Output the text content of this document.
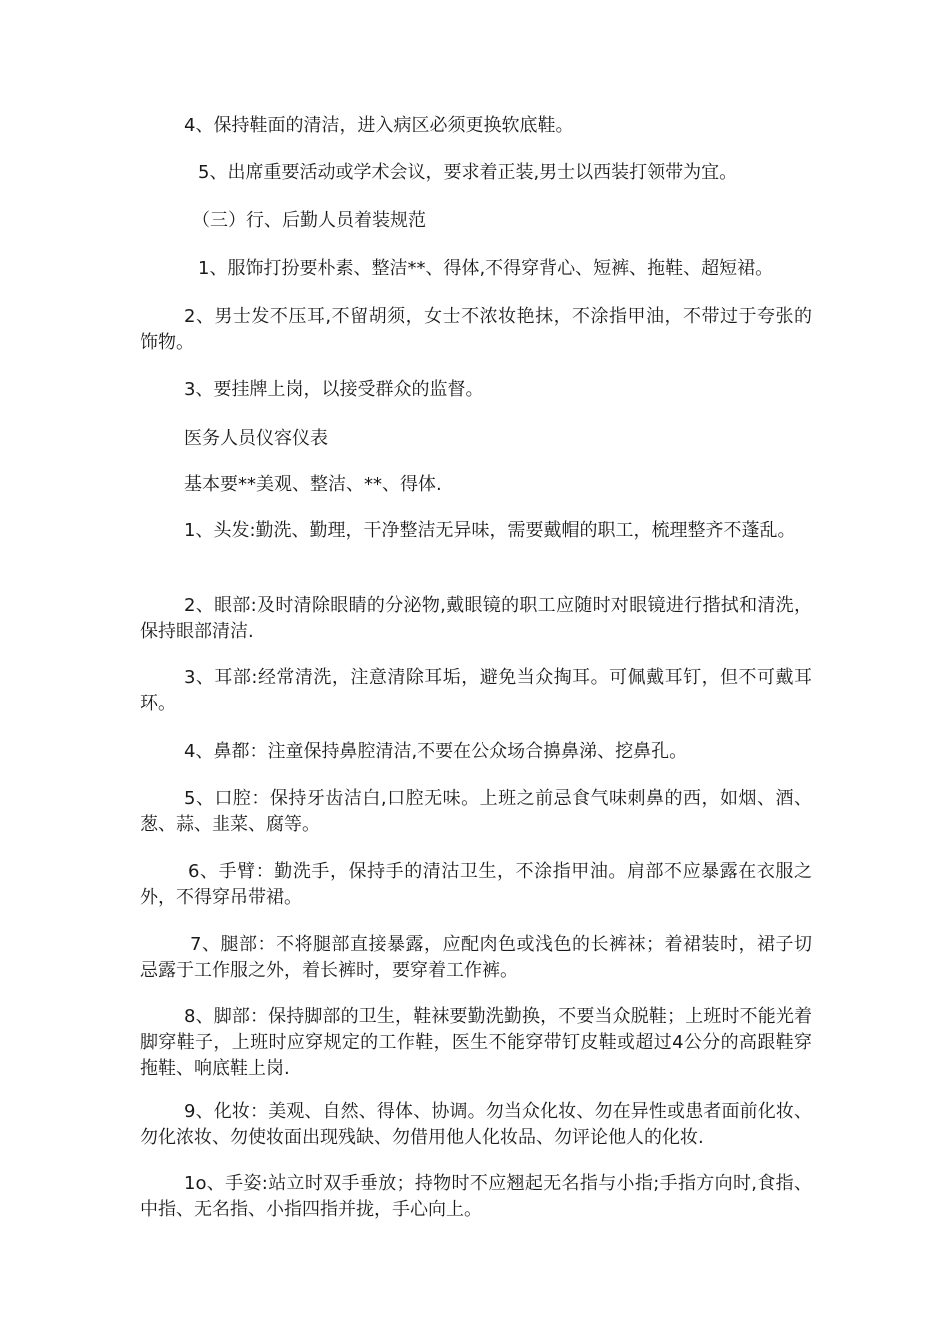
4、保持鞋面的清洁，进入病区必须更换软底鞋。

5、出席重要活动或学术会议，要求着正装,男士以西装打领带为宜。

（三）行、后勤人员着装规范

1、服饰打扮要朴素、整洁**、得体,不得穿背心、短裤、拖鞋、超短裙。

2、男士发不压耳,不留胡须，女士不浓妆艳抹，不涂指甲油，不带过于夸张的饰物。

3、要挂牌上岗，以接受群众的监督。

医务人员仪容仪表

基本要**美观、整洁、**、得体.

1、头发:勤洗、勤理，干净整洁无异味，需要戴帽的职工，梳理整齐不蓬乱。

2、眼部:及时清除眼睛的分泌物,戴眼镜的职工应随时对眼镜进行揩拭和清洗，保持眼部清洁.

3、耳部:经常清洗，注意清除耳垢，避免当众掏耳。可佩戴耳钉，但不可戴耳环。

4、鼻都：注童保持鼻腔清洁,不要在公众场合擤鼻涕、挖鼻孔。

5、口腔：保持牙齿洁白,口腔无味。上班之前忌食气味刺鼻的西，如烟、酒、葱、蒜、韭菜、腐等。

6、手臂：勤洗手，保持手的清沽卫生，不涂指甲油。肩部不应暴露在衣服之外，不得穿吊带裙。

7、腿部：不将腿部直接暴露，应配肉色或浅色的长裤袜；着裙装时，裙子切忌露于工作服之外，着长裤时，要穿着工作裤。

8、脚部：保持脚部的卫生，鞋袜要勤洗勤换，不要当众脱鞋；上班时不能光着脚穿鞋子，上班时应穿规定的工作鞋，医生不能穿带钉皮鞋或超过4公分的高跟鞋穿拖鞋、响底鞋上岗.

9、化妆：美观、自然、得体、协调。勿当众化妆、勿在异性或患者面前化妆、勿化浓妆、勿使妆面出现残缺、勿借用他人化妆品、勿评论他人的化妆.

1o、手姿:站立时双手垂放；持物时不应翘起无名指与小指;手指方向时,食指、中指、无名指、小指四指并拢，手心向上。
